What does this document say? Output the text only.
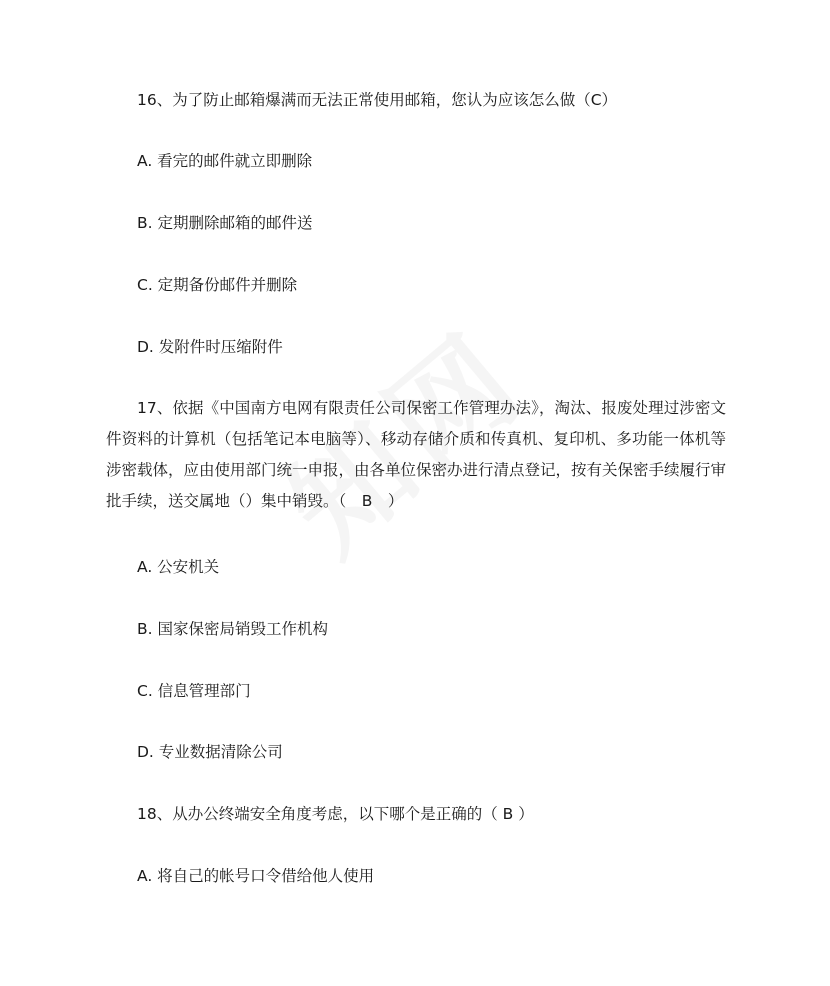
16、为了防止邮箱爆满而无法正常使用邮箱，您认为应该怎么做（C）

A. 看完的邮件就立即删除

B. 定期删除邮箱的邮件送

C. 定期备份邮件并删除

D. 发附件时压缩附件

17、依据《中国南方电网有限责任公司保密工作管理办法》，淘汰、报废处理过涉密文件资料的计算机（包括笔记本电脑等）、移动存储介质和传真机、复印机、多功能一体机等涉密载体，应由使用部门统一申报，由各单位保密办进行清点登记，按有关保密手续履行审批手续，送交属地（）集中销毁。（　B　）

A. 公安机关

B. 国家保密局销毁工作机构

C. 信息管理部门

D. 专业数据清除公司

18、从办公终端安全角度考虑，以下哪个是正确的（ B ）

A. 将自己的帐号口令借给他人使用
